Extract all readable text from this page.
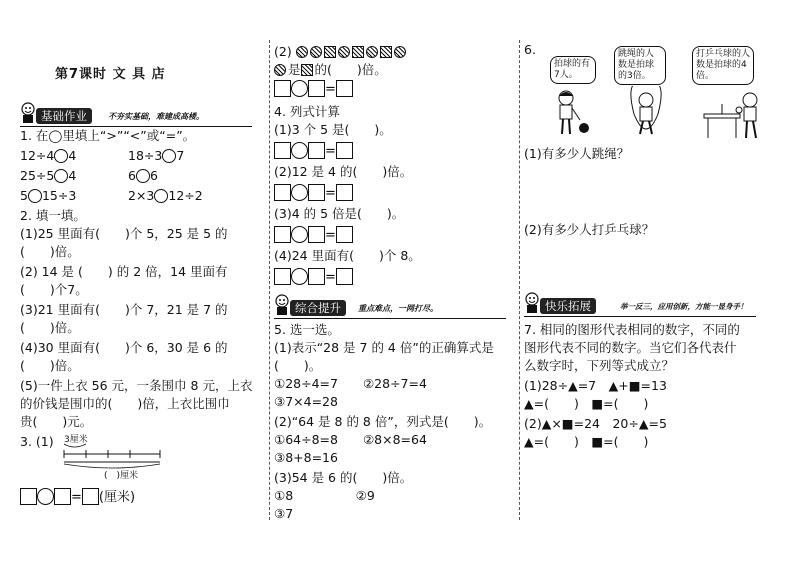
第7课时 文 具 店
基础作业	不夯实基础，难建成高楼。
1. 在◯里填上“>”“<”或“=”。
12÷4 4	18÷3 7
25÷5 4	6 6
5 15÷3	2×3 12÷2
2. 填一填。
(1)25 里面有(　　)个 5，25 是 5 的
(　　)倍。
(2) 14 是 (　　) 的 2 倍，14 里面有
(　　)个7。
(3)21 里面有(　　)个 7，21 是 7 的
(　　)倍。
(4)30 里面有(　　)个 6，30 是 6 的
(　　)倍。
(5)一件上衣 56 元，一条围巾 8 元，上衣
的价钱是围巾的(　　)倍，上衣比围巾
贵(　　)元。
3. (1) 3厘米
(　)厘米
= (厘米)
(2)
是 的(　　)倍。
=
4. 列式计算
(1)3 个 5 是(　　)。
=
(2)12 是 4 的(　　)倍。
=
(3)4 的 5 倍是(　　)。
=
(4)24 里面有(　　)个 8。
=
综合提升	重点难点，一网打尽。
5. 选一选。
(1)表示“28 是 7 的 4 倍”的正确算式是
(　　)。
①28÷4=7　　②28÷7=4
③7×4=28
(2)“64 是 8 的 8 倍”，列式是(　　)。
①64÷8=8　　②8×8=64
③8+8=16
(3)54 是 6 的(　　)倍。
①8　　　　　②9
③7
6.
拍球的有7人。
跳绳的人数是拍球的3倍。
打乒乓球的人数是拍球的4倍。
(1)有多少人跳绳？
(2)有多少人打乒乓球？
快乐拓展	举一反三，应用创新，方能一显身手！
7. 相同的图形代表相同的数字，不同的
图形代表不同的数字。当它们各代表什
么数字时，下列等式成立？
(1)28÷▲=7　▲+■=13
▲=(　　)　■=(　　)
(2)▲×■=24　20÷▲=5
▲=(　　)　■=(　　)
